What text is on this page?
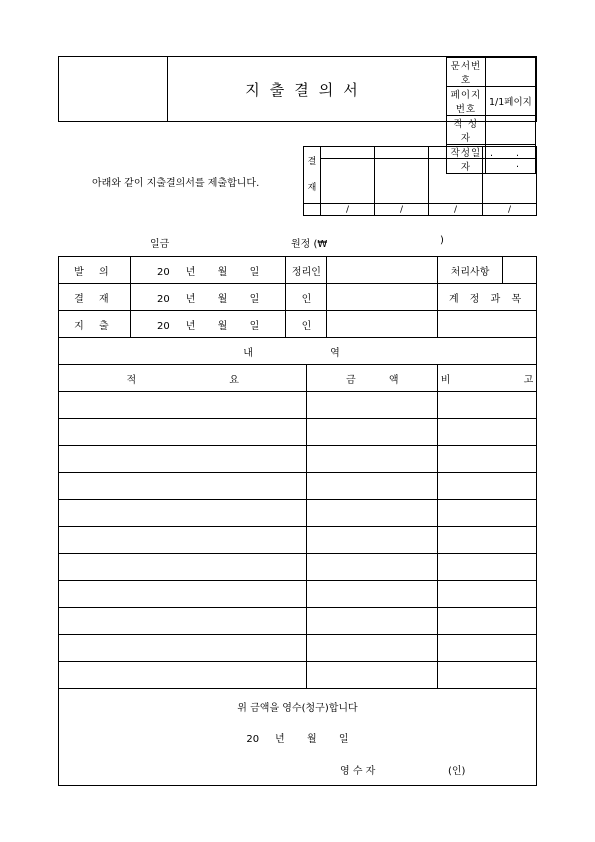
지출결의서
문서번호	
페이지번호	1/1페이지
작 성 자	
작성일자	. . .
아래와 같이 지출결의서를 제출합니다.
결
재				

	/	/	/	/
일금	원정 (₩	)
발 의	20 년 월 일	정리인			처리사항

결 재	20 년 월 일	인			계 정 과 목
지 출	20 년 월 일	인			
내 역					
적 요			금 액		비 고

위 금액을 영수(청구)합니다
20 년 월 일
영 수 자 (인)					
